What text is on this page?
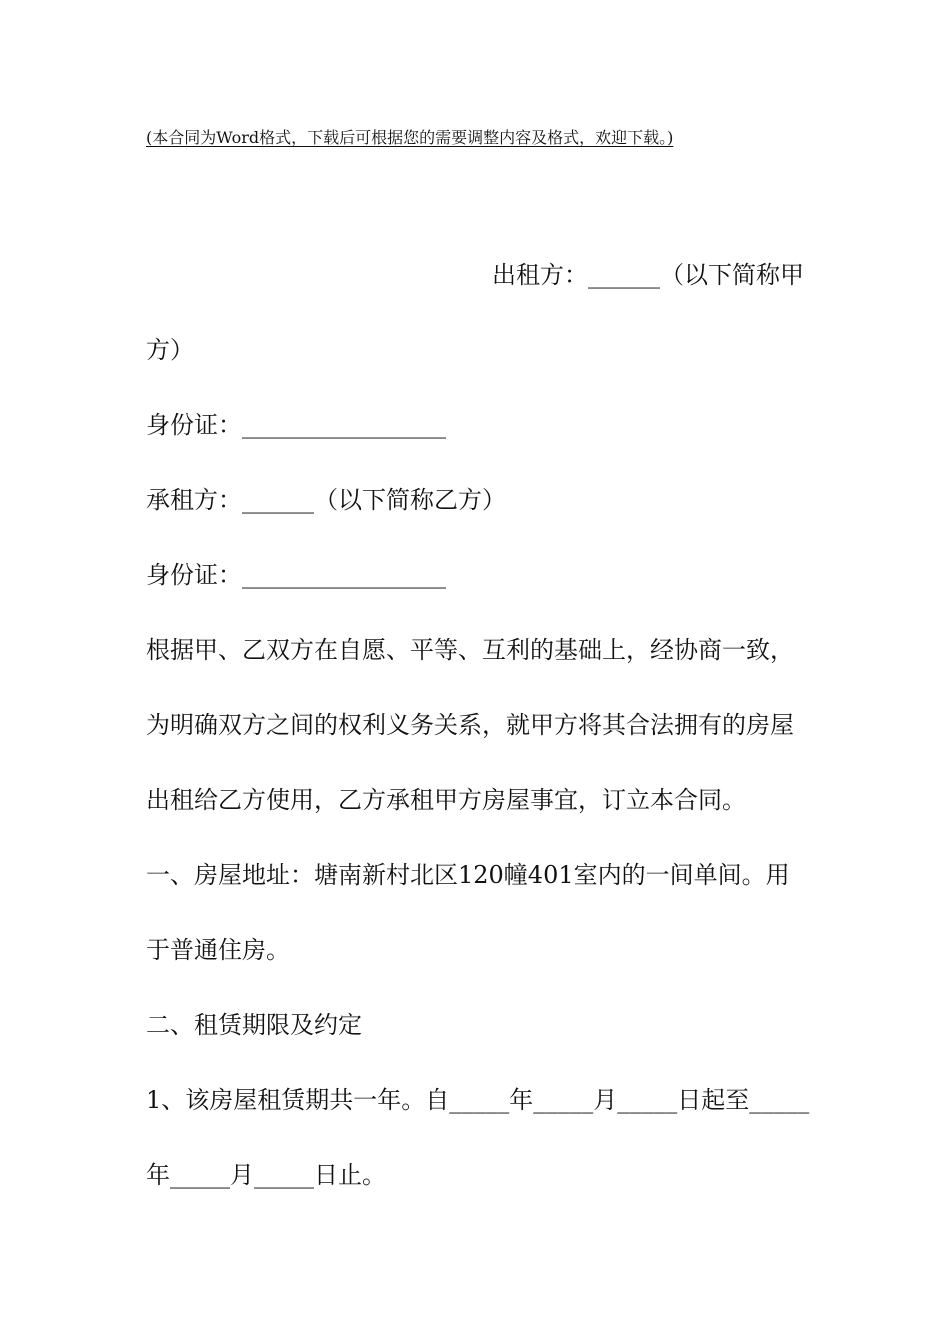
(本合同为Word格式，下载后可根据您的需要调整内容及格式，欢迎下载。)
出租方：______（以下简称甲
方）
身份证：_________________
承租方：______（以下简称乙方）
身份证：_________________
根据甲、乙双方在自愿、平等、互利的基础上，经协商一致，
为明确双方之间的权利义务关系，就甲方将其合法拥有的房屋
出租给乙方使用，乙方承租甲方房屋事宜，订立本合同。
一、房屋地址：塘南新村北区120幢401室内的一间单间。用
于普通住房。
二、租赁期限及约定
1、该房屋租赁期共一年。自_____年_____月_____日起至_____
年_____月_____日止。
